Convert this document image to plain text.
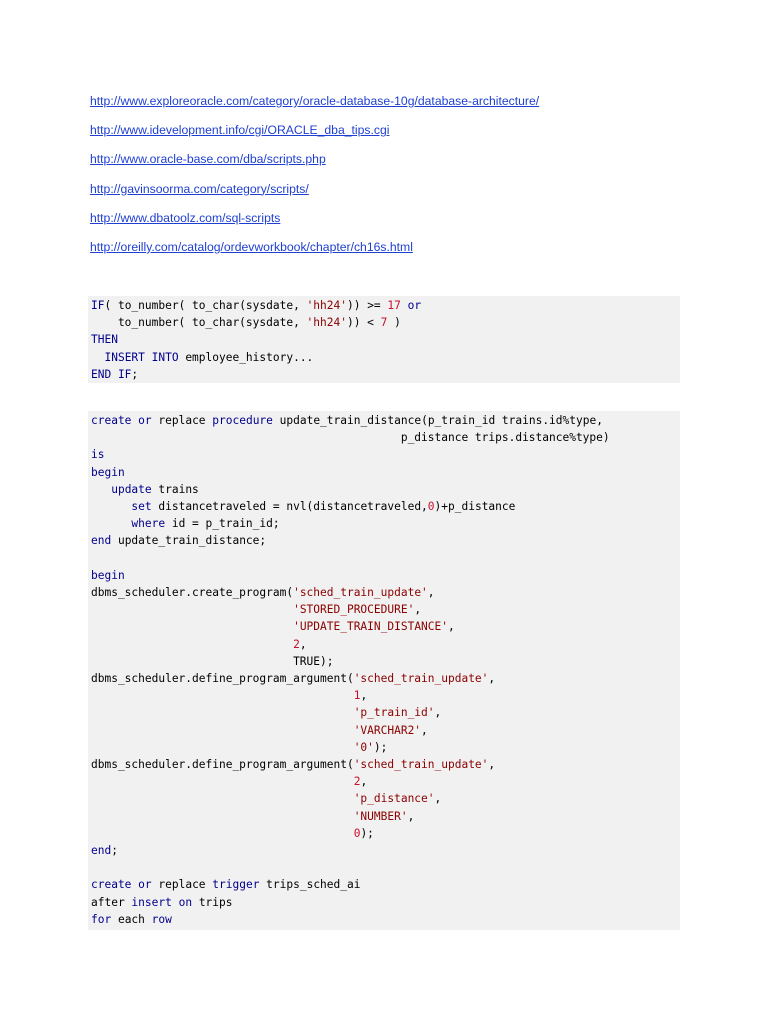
http://www.exploreoracle.com/category/oracle-database-10g/database-architecture/
http://www.idevelopment.info/cgi/ORACLE_dba_tips.cgi
http://www.oracle-base.com/dba/scripts.php
http://gavinsoorma.com/category/scripts/
http://www.dbatoolz.com/sql-scripts
http://oreilly.com/catalog/ordevworkbook/chapter/ch16s.html
IF( to_number( to_char(sysdate, 'hh24')) >= 17 or
to_number( to_char(sysdate, 'hh24')) < 7 )
THEN
INSERT INTO employee_history...
END IF;
create or replace procedure update_train_distance(p_train_id trains.id%type,
p_distance trips.distance%type)
is
begin
update trains
set distancetraveled = nvl(distancetraveled,0)+p_distance
where id = p_train_id;
end update_train_distance;

begin
dbms_scheduler.create_program('sched_train_update',
'STORED_PROCEDURE',
'UPDATE_TRAIN_DISTANCE',
2,
TRUE);
dbms_scheduler.define_program_argument('sched_train_update',
1,
'p_train_id',
'VARCHAR2',
'0');
dbms_scheduler.define_program_argument('sched_train_update',
2,
'p_distance',
'NUMBER',
0);
end;

create or replace trigger trips_sched_ai
after insert on trips
for each row
